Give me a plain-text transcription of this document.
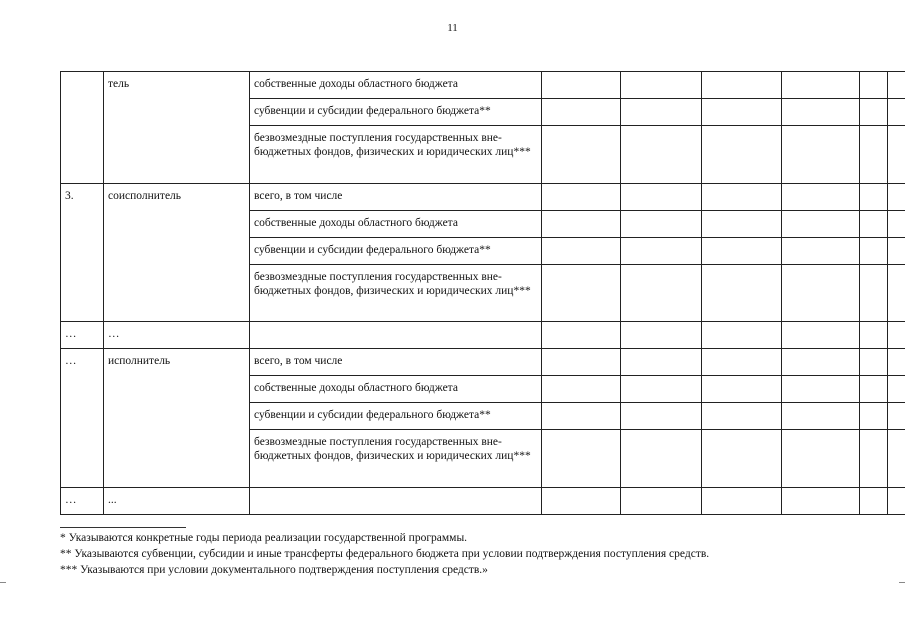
11
	тель	собственные доходы областного бюджета						
		субвенции и субсидии федерального бюджета**						
		безвозмездные поступления государственных вне-бюджетных фондов, физических и юридических лиц***						
3.	соисполнитель	всего, в том числе						
		собственные доходы областного бюджета						
		субвенции и субсидии федерального бюджета**						
		безвозмездные поступления государственных вне-бюджетных фондов, физических и юридических лиц***						
…	…							
…	исполнитель	всего, в том числе						
		собственные доходы областного бюджета						
		субвенции и субсидии федерального бюджета**						
		безвозмездные поступления государственных вне-бюджетных фондов, физических и юридических лиц***						
…	...							
* Указываются конкретные годы периода реализации государственной программы.
** Указываются субвенции, субсидии и иные трансферты федерального бюджета при условии подтверждения поступления средств.
*** Указываются при условии документального подтверждения поступления средств.»
